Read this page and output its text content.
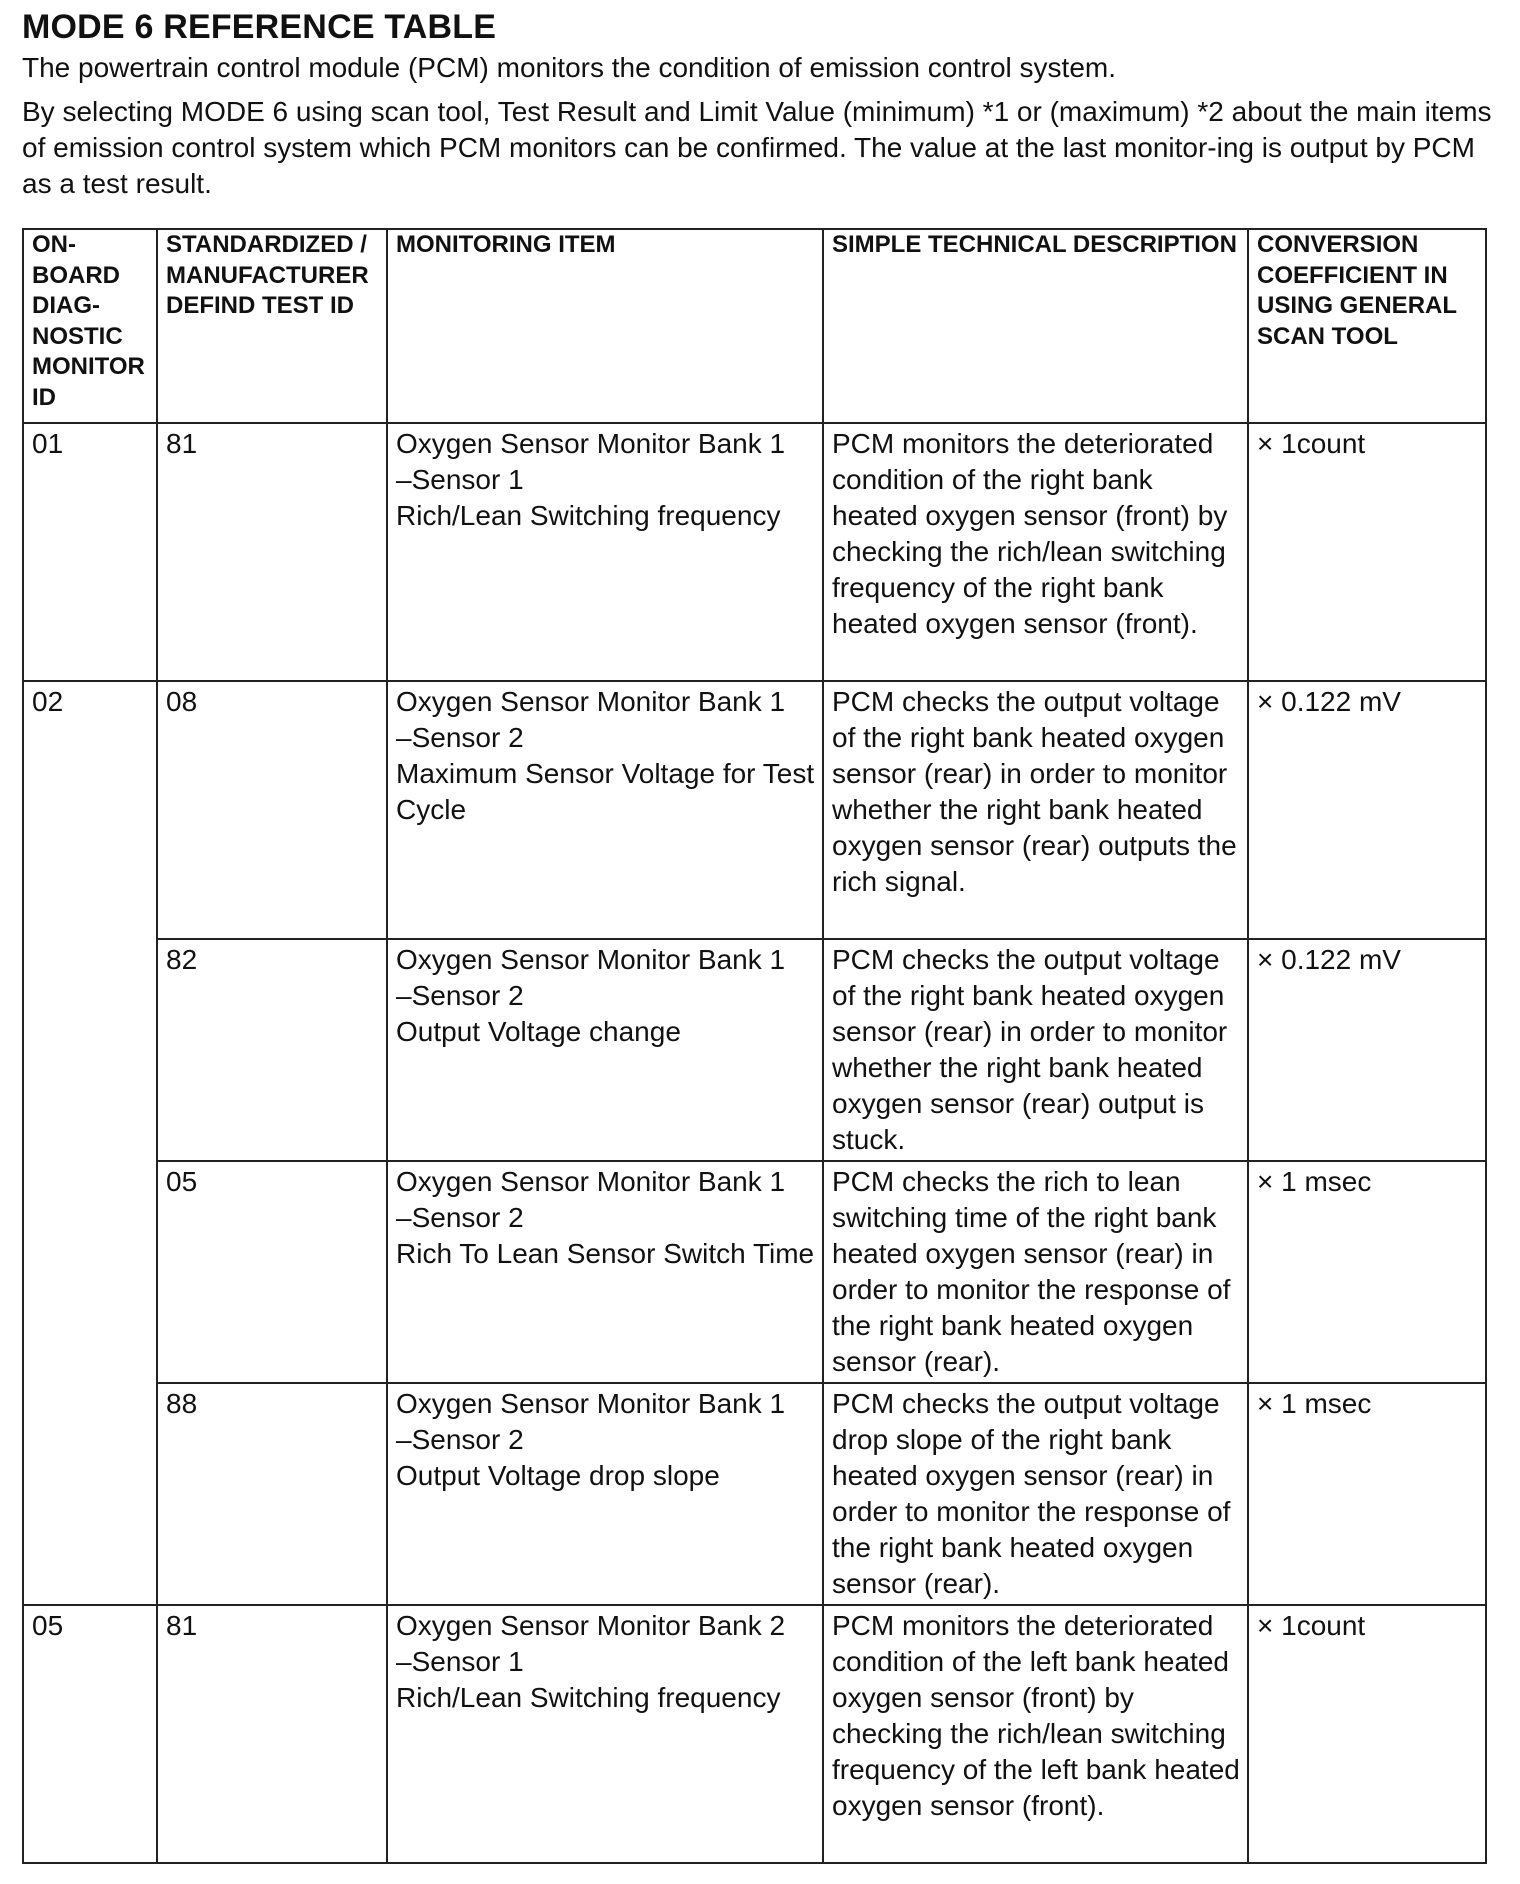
MODE 6 REFERENCE TABLE

The powertrain control module (PCM) monitors the condition of emission control system.

By selecting MODE 6 using scan tool, Test Result and Limit Value (minimum) *1 or (maximum) *2 about the main items of emission control system which PCM monitors can be confirmed. The value at the last monitor-ing is output by PCM as a test result.

ON-BOARD DIAG-NOSTIC MONITOR ID	STANDARDIZED / MANUFACTURER DEFIND TEST ID	MONITORING ITEM	SIMPLE TECHNICAL DESCRIPTION	CONVERSION COEFFICIENT IN USING GENERAL SCAN TOOL
01	81	Oxygen Sensor Monitor Bank 1
–Sensor 1
Rich/Lean Switching frequency	PCM monitors the deteriorated condition of the right bank heated oxygen sensor (front) by checking the rich/lean switching frequency of the right bank heated oxygen sensor (front).	× 1count
02	08	Oxygen Sensor Monitor Bank 1
–Sensor 2
Maximum Sensor Voltage for Test Cycle	PCM checks the output voltage of the right bank heated oxygen sensor (rear) in order to monitor whether the right bank heated oxygen sensor (rear) outputs the rich signal.	× 0.122 mV
	82	Oxygen Sensor Monitor Bank 1
–Sensor 2
Output Voltage change	PCM checks the output voltage of the right bank heated oxygen sensor (rear) in order to monitor whether the right bank heated oxygen sensor (rear) output is stuck.	× 0.122 mV
	05	Oxygen Sensor Monitor Bank 1
–Sensor 2
Rich To Lean Sensor Switch Time	PCM checks the rich to lean switching time of the right bank heated oxygen sensor (rear) in order to monitor the response of the right bank heated oxygen sensor (rear).	× 1 msec
	88	Oxygen Sensor Monitor Bank 1
–Sensor 2
Output Voltage drop slope	PCM checks the output voltage drop slope of the right bank heated oxygen sensor (rear) in order to monitor the response of the right bank heated oxygen sensor (rear).	× 1 msec
05	81	Oxygen Sensor Monitor Bank 2
–Sensor 1
Rich/Lean Switching frequency	PCM monitors the deteriorated condition of the left bank heated oxygen sensor (front) by checking the rich/lean switching frequency of the left bank heated oxygen sensor (front).	× 1count
